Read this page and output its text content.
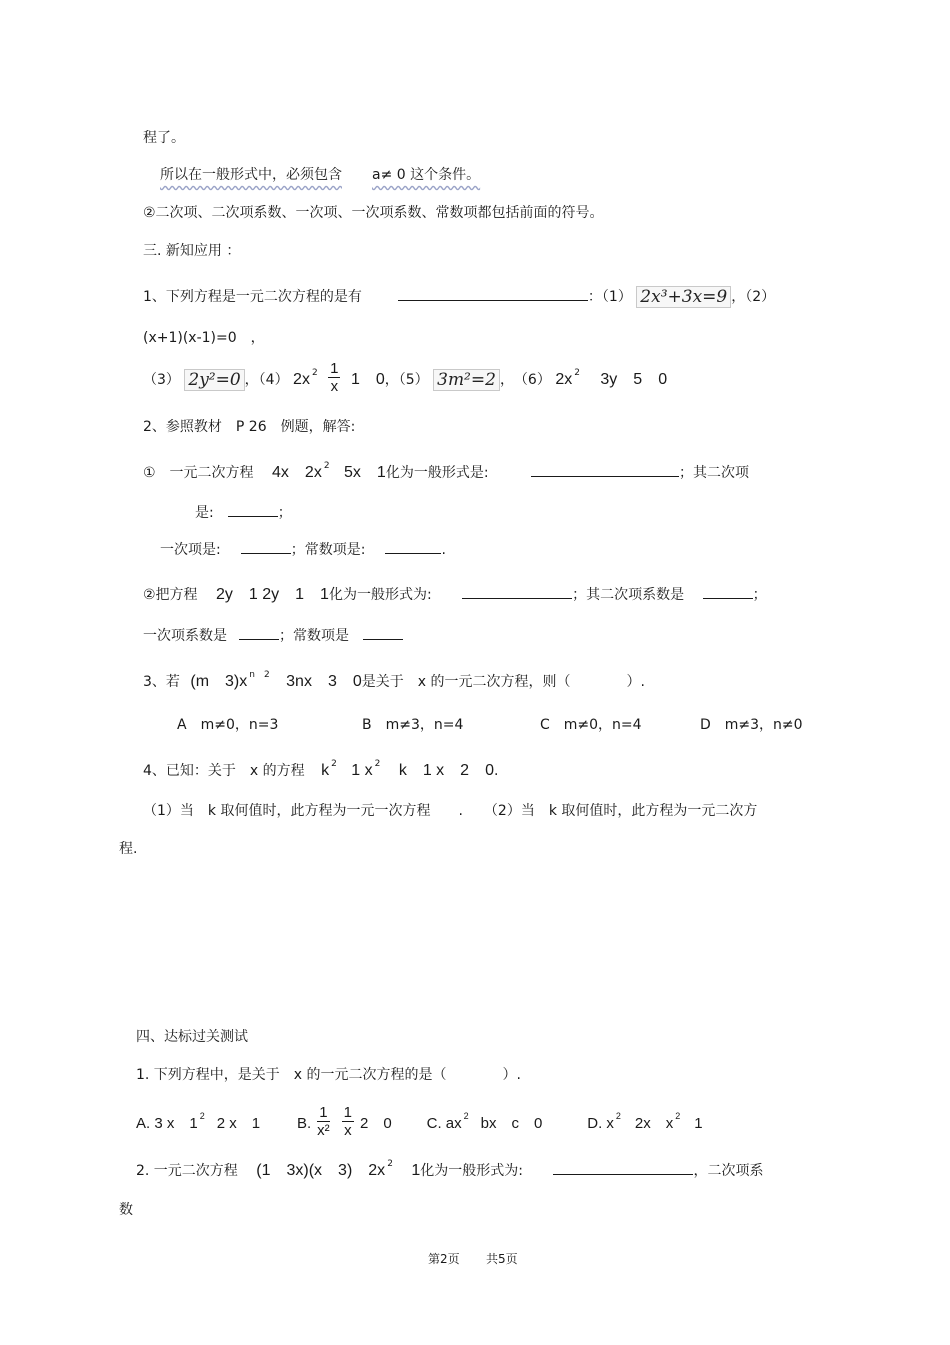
程了。
所以在一般形式中，必须包含 a≠ 0 这个条件。
②二次项、二次项系数、一次项、一次项系数、常数项都包括前面的符号。
三. 新知应用 ：
1、下列方程是一元二次方程的是有	：（1） 2x³+3x=9 ，（2）
(x+1)(x-1)=0　，
（3） 2y²=0 ，（4） 2x $^2 \frac{1}{x} 1$　0，（5） 3m²=2 ，　（6） 2x $^2$ 　3y　5　0
2、参照教材　P 26　例题，解答:
①　一元二次方程 4x　2x $^2$ 5x　1化为一般形式是:	；其二次项
是:	；
一次项是:	；常数项是:	.
②把方程 2y　1 2y　1　1化为一般形式为:	；其二次项系数是	；
一次项系数是	；常数项是
3、若 (m　3)x $^{n 2}$ 3nx　3　0是关于　x 的一元二次方程，则（　　　　）.
A　m≠0，n=3	B　m≠3，n=4	C　m≠0，n=4	D　m≠3，n≠0
4、已知：关于　x 的方程 k $^2$ 1 x $^2$ k　1 x　2　0.
（1）当　k 取何值时，此方程为一元一次方程　　.　　（2）当　k 取何值时，此方程为一元二次方
程.
四、达标过关测试
1. 下列方程中，是关于　x 的一元二次方程的是（　　　　）.
A. 3 x　1 $^2$ 2 x　1 B. $\frac{1}{\text{x²}} \frac{1}{x} 2$　0 C. ax $^2$ bx　c　0	D. x $^2$ 2x　x $^2$ 1
2. 一元二次方程 (1　3x)(x　3)　2x $^2$ 1化为一般形式为:	，二次项系
数
第2页 共5页
